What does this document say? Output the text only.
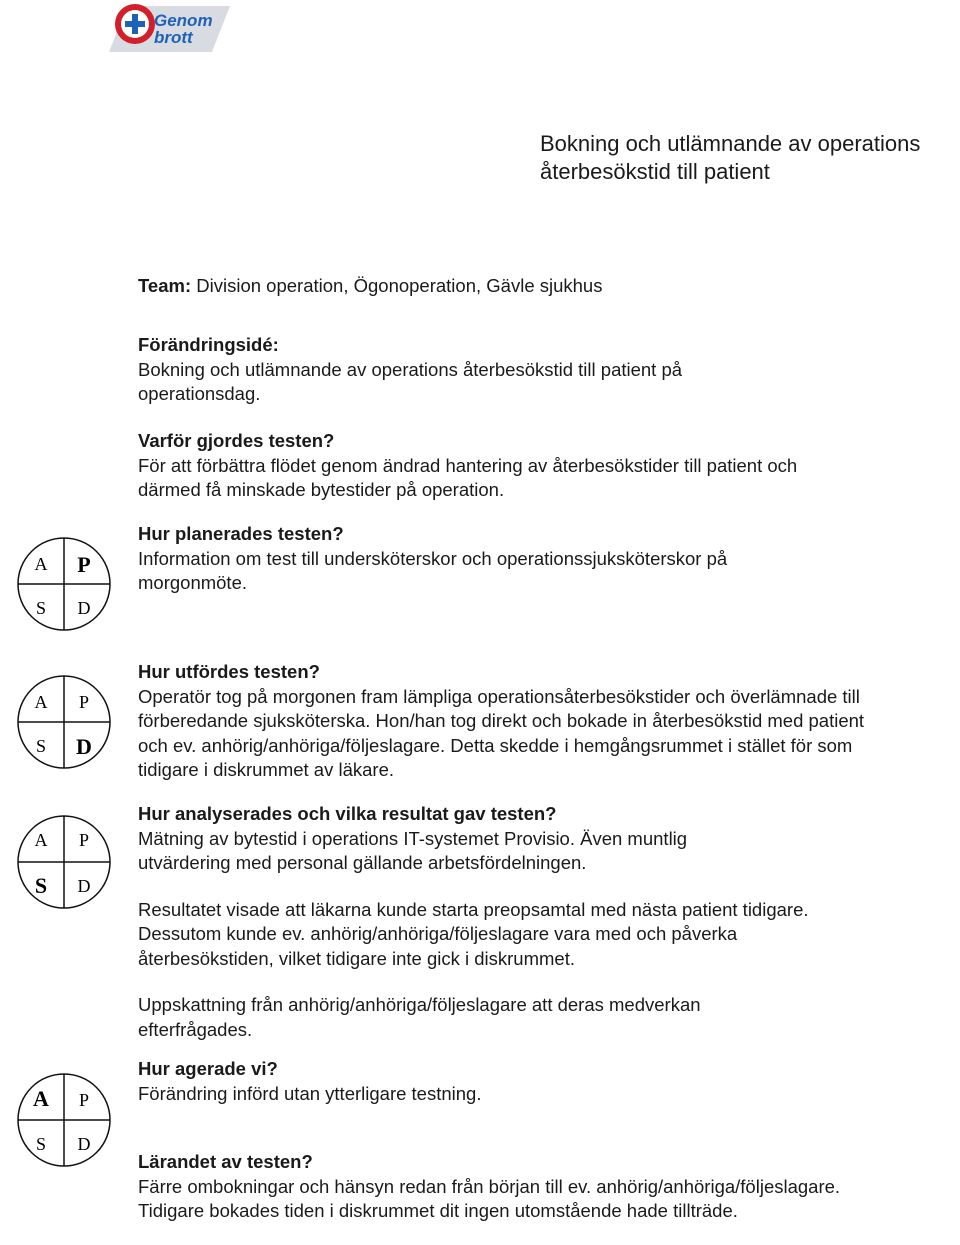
Genom
brott
Bokning och utlämnande av operations återbesökstid till patient

Team: Division operation, Ögonoperation, Gävle sjukhus

Förändringsidé:

Bokning och utlämnande av operations återbesökstid till patient på operationsdag.

Varför gjordes testen?

För att förbättra flödet genom ändrad hantering av återbesökstider till patient och därmed få minskade bytestider på operation.

Hur planerades testen?

Information om test till undersköterskor och operationssjuksköterskor på morgonmöte.

Hur utfördes testen?

Operatör tog på morgonen fram lämpliga operationsåterbesökstider och överlämnade till förberedande sjuksköterska. Hon/han tog direkt och bokade in återbesökstid med patient och ev. anhörig/anhöriga/följeslagare. Detta skedde i hemgångsrummet i stället för som tidigare i diskrummet av läkare.

Hur analyserades och vilka resultat gav testen?

Mätning av bytestid i operations IT-systemet Provisio. Även muntlig utvärdering med personal gällande arbetsfördelningen.

Resultatet visade att läkarna kunde starta preopsamtal med nästa patient tidigare. Dessutom kunde ev. anhörig/anhöriga/följeslagare vara med och påverka återbesökstiden, vilket tidigare inte gick i diskrummet.

Uppskattning från anhörig/anhöriga/följeslagare att deras medverkan efterfrågades.

Hur agerade vi?

Förändring införd utan ytterligare testning.

Lärandet av testen?

Färre ombokningar och hänsyn redan från början till ev. anhörig/anhöriga/följeslagare. Tidigare bokades tiden i diskrummet dit ingen utomstående hade tillträde.

A P
S D
A P
S D
A P
S D
A P
S D
